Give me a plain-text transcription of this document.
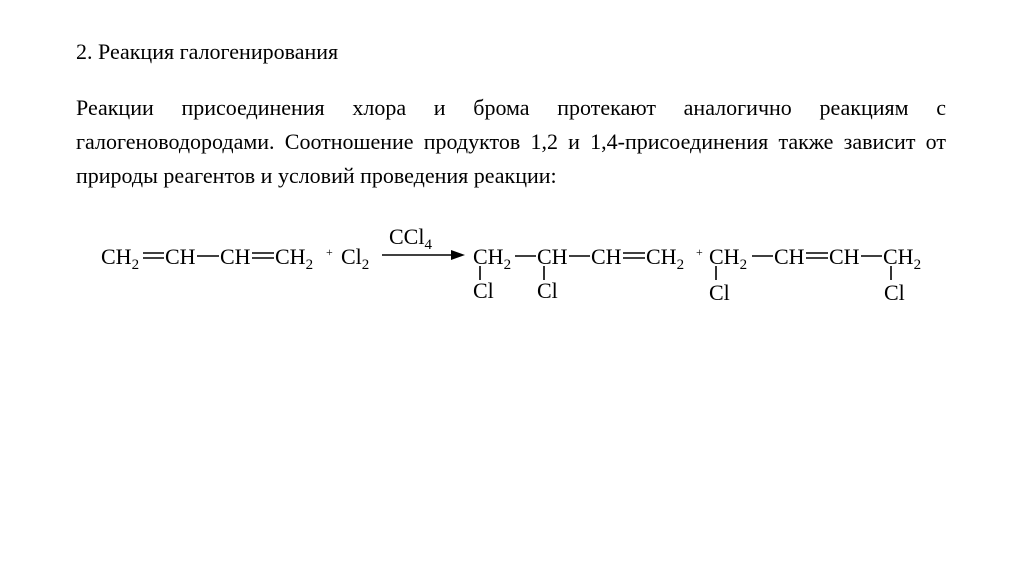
2. Реакция галогенирования
Реакции присоединения хлора и брома протекают аналогично реакциям с галогеноводородами. Соотношение продуктов 1,2 и 1,4-присоединения также зависит от природы реагентов и условий проведения реакции:
$CH_2$ CH CH $CH_2$
+ $Cl_2$
CCl$_4$ $CH_2$ CH CH $CH_2$
Cl Cl
+ $CH_2$ CH CH $CH_2$
Cl	Cl
